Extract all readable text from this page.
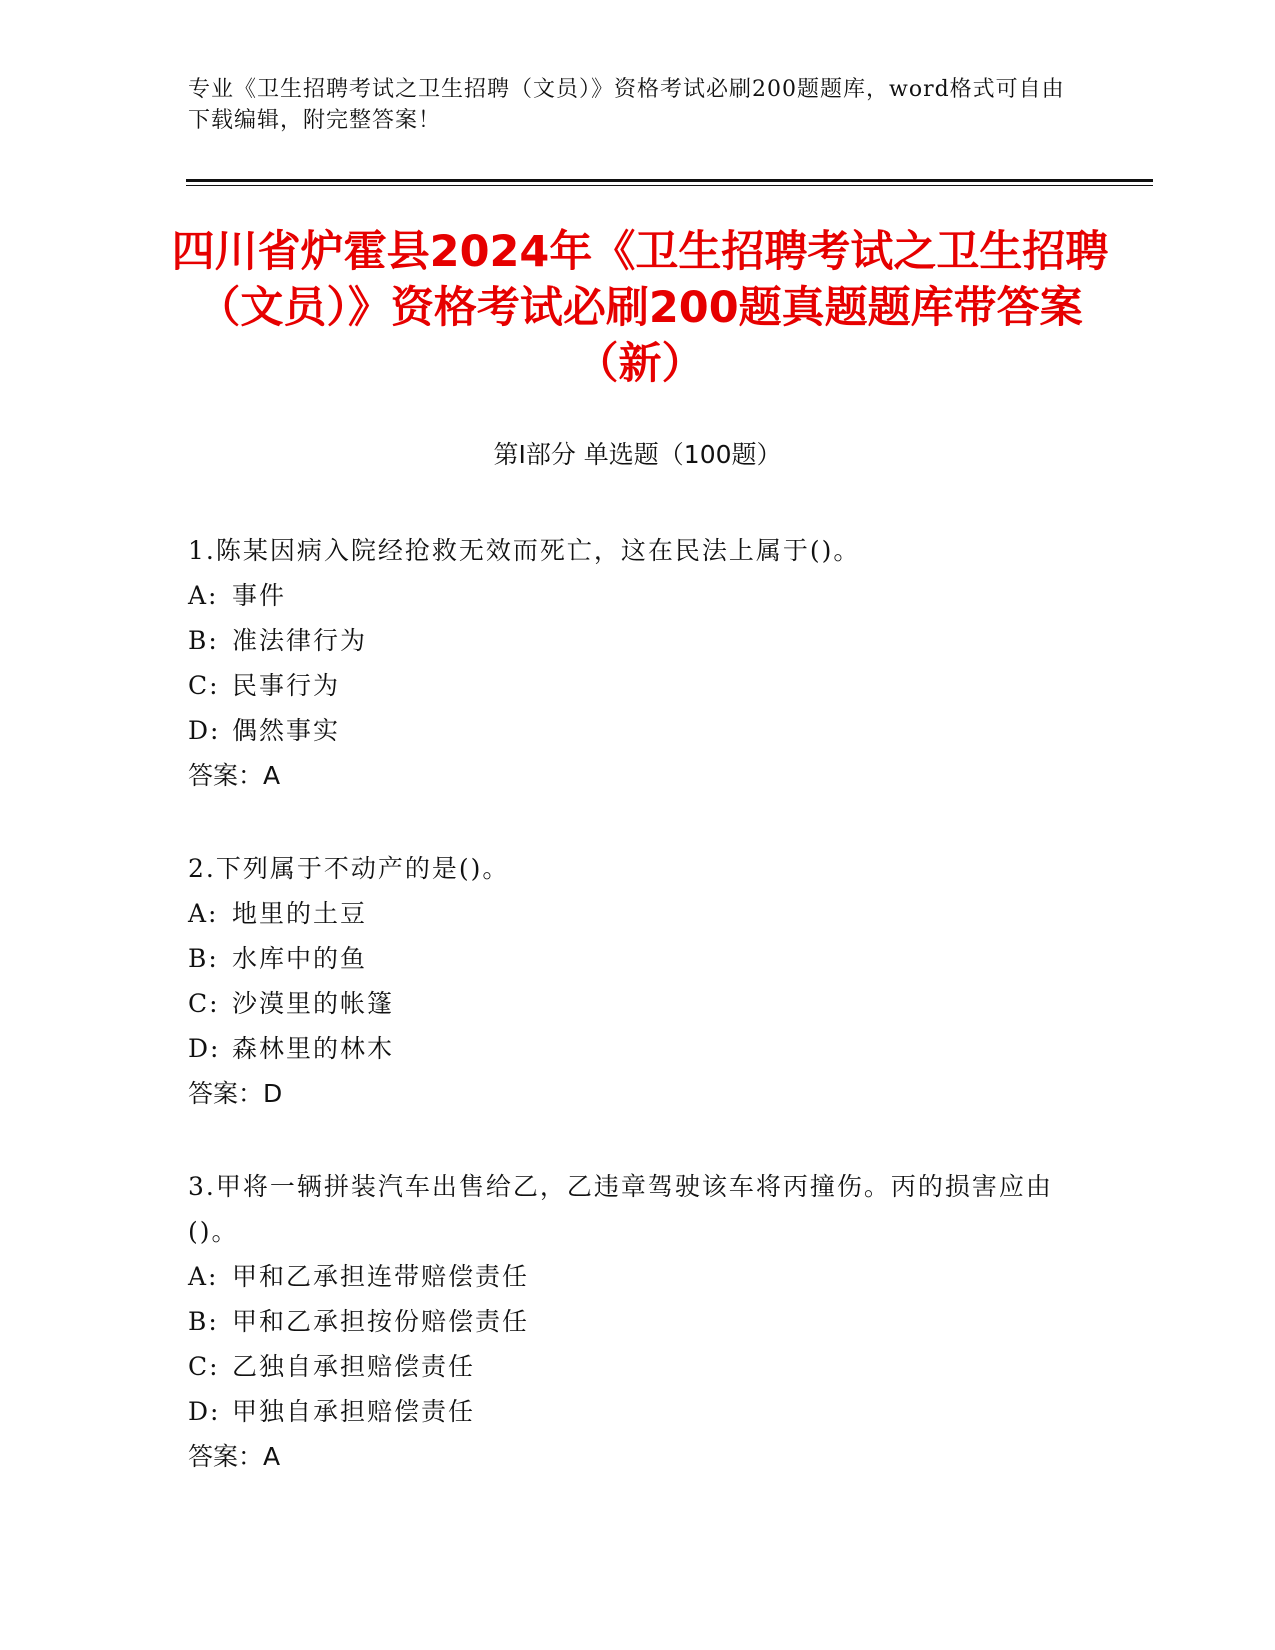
专业《卫生招聘考试之卫生招聘（文员）》资格考试必刷200题题库，word格式可自由下载编辑，附完整答案！
四川省炉霍县2024年《卫生招聘考试之卫生招聘（文员）》资格考试必刷200题真题题库带答案（新）
第Ⅰ部分 单选题（100题）
1.陈某因病入院经抢救无效而死亡，这在民法上属于()。
A: 事件
B: 准法律行为
C: 民事行为
D: 偶然事实
答案：A
2.下列属于不动产的是()。
A: 地里的土豆
B: 水库中的鱼
C: 沙漠里的帐篷
D: 森林里的林木
答案：D
3.甲将一辆拼装汽车出售给乙，乙违章驾驶该车将丙撞伤。丙的损害应由()。
A: 甲和乙承担连带赔偿责任
B: 甲和乙承担按份赔偿责任
C: 乙独自承担赔偿责任
D: 甲独自承担赔偿责任
答案：A
